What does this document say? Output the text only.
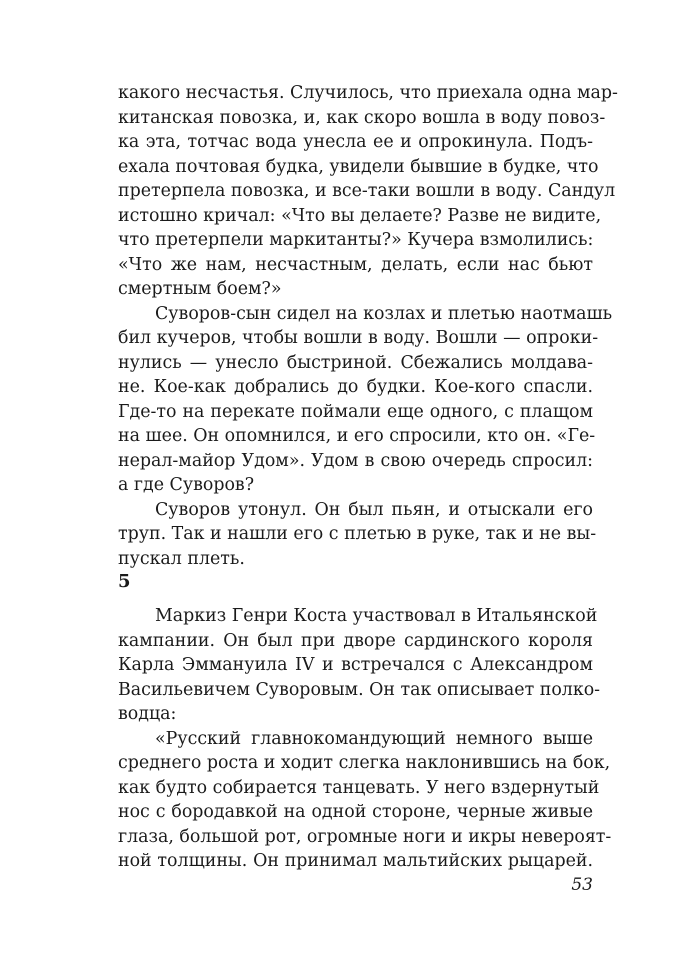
какого несчастья. Случилось, что приехала одна мар-
китанская повозка, и, как скоро вошла в воду повоз-
ка эта, тотчас вода унесла ее и опрокинула. Подъ-
ехала почтовая будка, увидели бывшие в будке, что
претерпела повозка, и все-таки вошли в воду. Сандул
истошно кричал: «Что вы делаете? Разве не видите,
что претерпели маркитанты?» Кучера взмолились:
«Что же нам, несчастным, делать, если нас бьют
смертным боем?»
Суворов-сын сидел на козлах и плетью наотмашь
бил кучеров, чтобы вошли в воду. Вошли — опроки-
нулись — унесло быстриной. Сбежались молдава-
не. Кое-как добрались до будки. Кое-кого спасли.
Где-то на перекате поймали еще одного, с плащом
на шее. Он опомнился, и его спросили, кто он. «Ге-
нерал-майор Удом». Удом в свою очередь спросил:
а где Суворов?
Суворов утонул. Он был пьян, и отыскали его
труп. Так и нашли его с плетью в руке, так и не вы-
пускал плеть.
5
Маркиз Генри Коста участвовал в Итальянской
кампании. Он был при дворе сардинского короля
Карла Эммануила IV и встречался с Александром
Васильевичем Суворовым. Он так описывает полко-
водца:
«Русский главнокомандующий немного выше
среднего роста и ходит слегка наклонившись на бок,
как будто собирается танцевать. У него вздернутый
нос с бородавкой на одной стороне, черные живые
глаза, большой рот, огромные ноги и икры невероят-
ной толщины. Он принимал мальтийских рыцарей.
53
